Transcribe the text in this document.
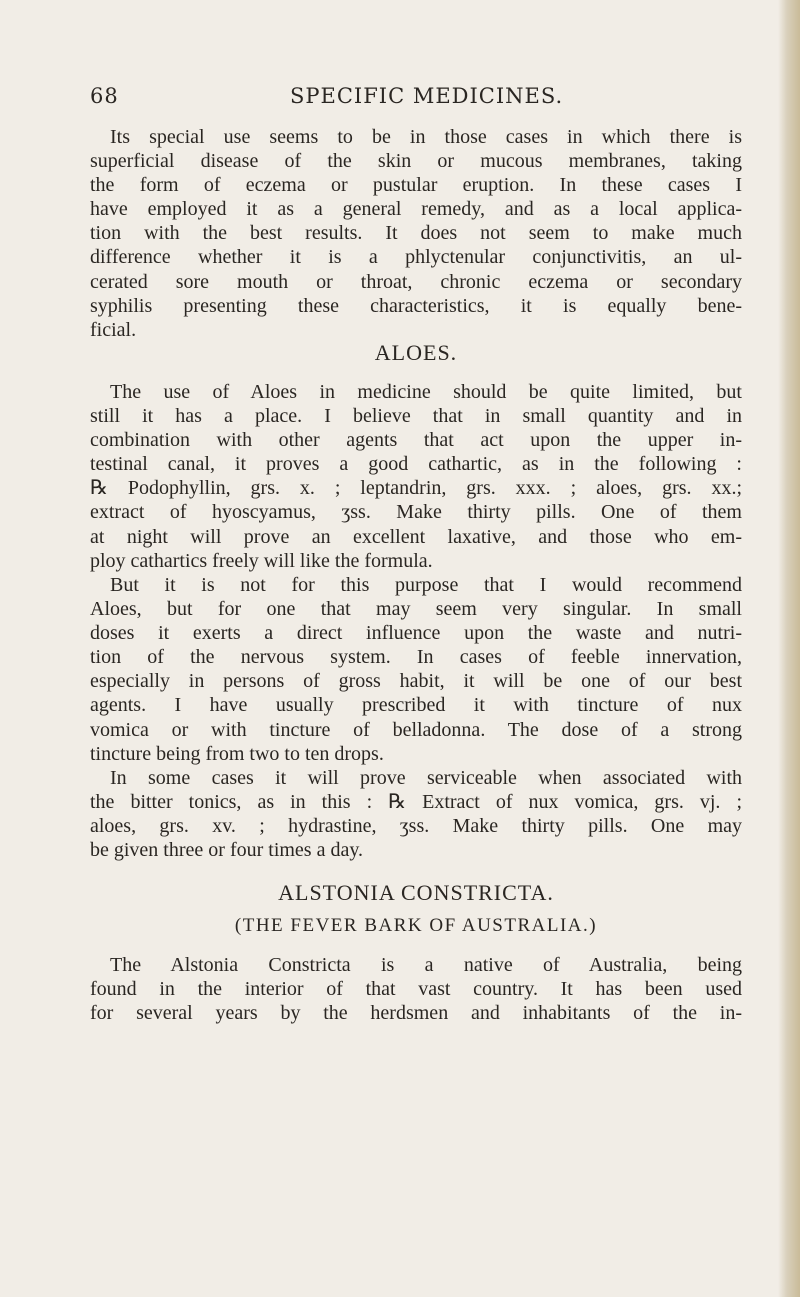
68	SPECIFIC MEDICINES.
Its special use seems to be in those cases in which there is
superficial disease of the skin or mucous membranes, taking
the form of eczema or pustular eruption. In these cases I
have employed it as a general remedy, and as a local applica-
tion with the best results. It does not seem to make much
difference whether it is a phlyctenular conjunctivitis, an ul-
cerated sore mouth or throat, chronic eczema or secondary
syphilis presenting these characteristics, it is equally bene-
ficial.
ALOES.
The use of Aloes in medicine should be quite limited, but
still it has a place. I believe that in small quantity and in
combination with other agents that act upon the upper in-
testinal canal, it proves a good cathartic, as in the following :
℞ Podophyllin, grs. x. ; leptandrin, grs. xxx. ; aloes, grs. xx.;
extract of hyoscyamus, ʒss. Make thirty pills. One of them
at night will prove an excellent laxative, and those who em-
ploy cathartics freely will like the formula.
But it is not for this purpose that I would recommend
Aloes, but for one that may seem very singular. In small
doses it exerts a direct influence upon the waste and nutri-
tion of the nervous system. In cases of feeble innervation,
especially in persons of gross habit, it will be one of our best
agents. I have usually prescribed it with tincture of nux
vomica or with tincture of belladonna. The dose of a strong
tincture being from two to ten drops.
In some cases it will prove serviceable when associated with
the bitter tonics, as in this : ℞ Extract of nux vomica, grs. vj. ;
aloes, grs. xv. ; hydrastine, ʒss. Make thirty pills. One may
be given three or four times a day.
ALSTONIA CONSTRICTA.
(THE FEVER BARK OF AUSTRALIA.)
The Alstonia Constricta is a native of Australia, being
found in the interior of that vast country. It has been used
for several years by the herdsmen and inhabitants of the in-
